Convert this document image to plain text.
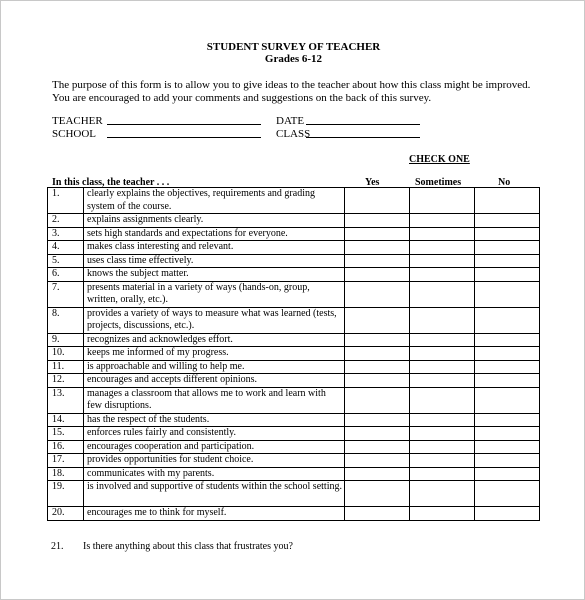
STUDENT SURVEY OF TEACHER
Grades 6-12
The purpose of this form is to allow you to give ideas to the teacher about how this class might be improved.
You are encouraged to add your comments and suggestions on the back of this survey.
TEACHER
SCHOOL
DATE
CLASS
CHECK ONE
In this class, the teacher . . .	Yes	Sometimes	No
1.	clearly explains the objectives, requirements and grading system of the course.			
2.	explains assignments clearly.			
3.	sets high standards and expectations for everyone.			
4.	makes class interesting and relevant.			
5.	uses class time effectively.			
6.	knows the subject matter.			
7.	presents material in a variety of ways (hands-on, group, written, orally, etc.).			
8.	provides a variety of ways to measure what was learned (tests, projects, discussions, etc.).			
9.	recognizes and acknowledges effort.			
10.	keeps me informed of my progress.			
11.	is approachable and willing to help me.			
12.	encourages and accepts different opinions.			
13.	manages a classroom that allows me to work and learn with few disruptions.			
14.	has the respect of the students.			
15.	enforces rules fairly and consistently.			
16.	encourages cooperation and participation.			
17.	provides opportunities for student choice.			
18.	communicates with my parents.			
19.	is involved and supportive of students within the school setting.			
20.	encourages me to think for myself.			
21. Is there anything about this class that frustrates you?
